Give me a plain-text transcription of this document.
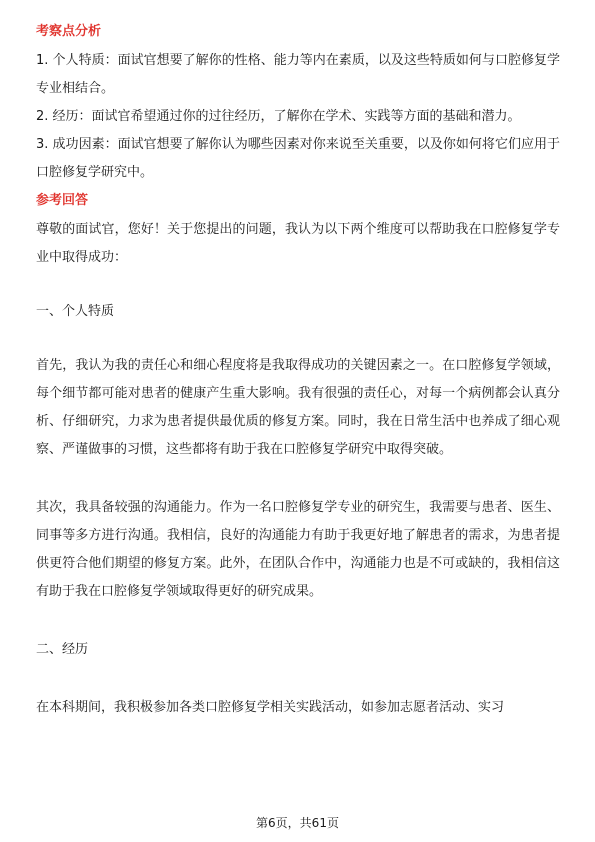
考察点分析

1. 个人特质：面试官想要了解你的性格、能力等内在素质，以及这些特质如何与口腔修复学专业相结合。

2. 经历：面试官希望通过你的过往经历，了解你在学术、实践等方面的基础和潜力。

3. 成功因素：面试官想要了解你认为哪些因素对你来说至关重要，以及你如何将它们应用于口腔修复学研究中。

参考回答

尊敬的面试官，您好！关于您提出的问题，我认为以下两个维度可以帮助我在口腔修复学专业中取得成功：

一、个人特质

首先，我认为我的责任心和细心程度将是我取得成功的关键因素之一。在口腔修复学领域，每个细节都可能对患者的健康产生重大影响。我有很强的责任心，对每一个病例都会认真分析、仔细研究，力求为患者提供最优质的修复方案。同时，我在日常生活中也养成了细心观察、严谨做事的习惯，这些都将有助于我在口腔修复学研究中取得突破。

其次，我具备较强的沟通能力。作为一名口腔修复学专业的研究生，我需要与患者、医生、同事等多方进行沟通。我相信，良好的沟通能力有助于我更好地了解患者的需求，为患者提供更符合他们期望的修复方案。此外，在团队合作中，沟通能力也是不可或缺的，我相信这有助于我在口腔修复学领域取得更好的研究成果。

二、经历

在本科期间，我积极参加各类口腔修复学相关实践活动，如参加志愿者活动、实习

第6页，共61页
